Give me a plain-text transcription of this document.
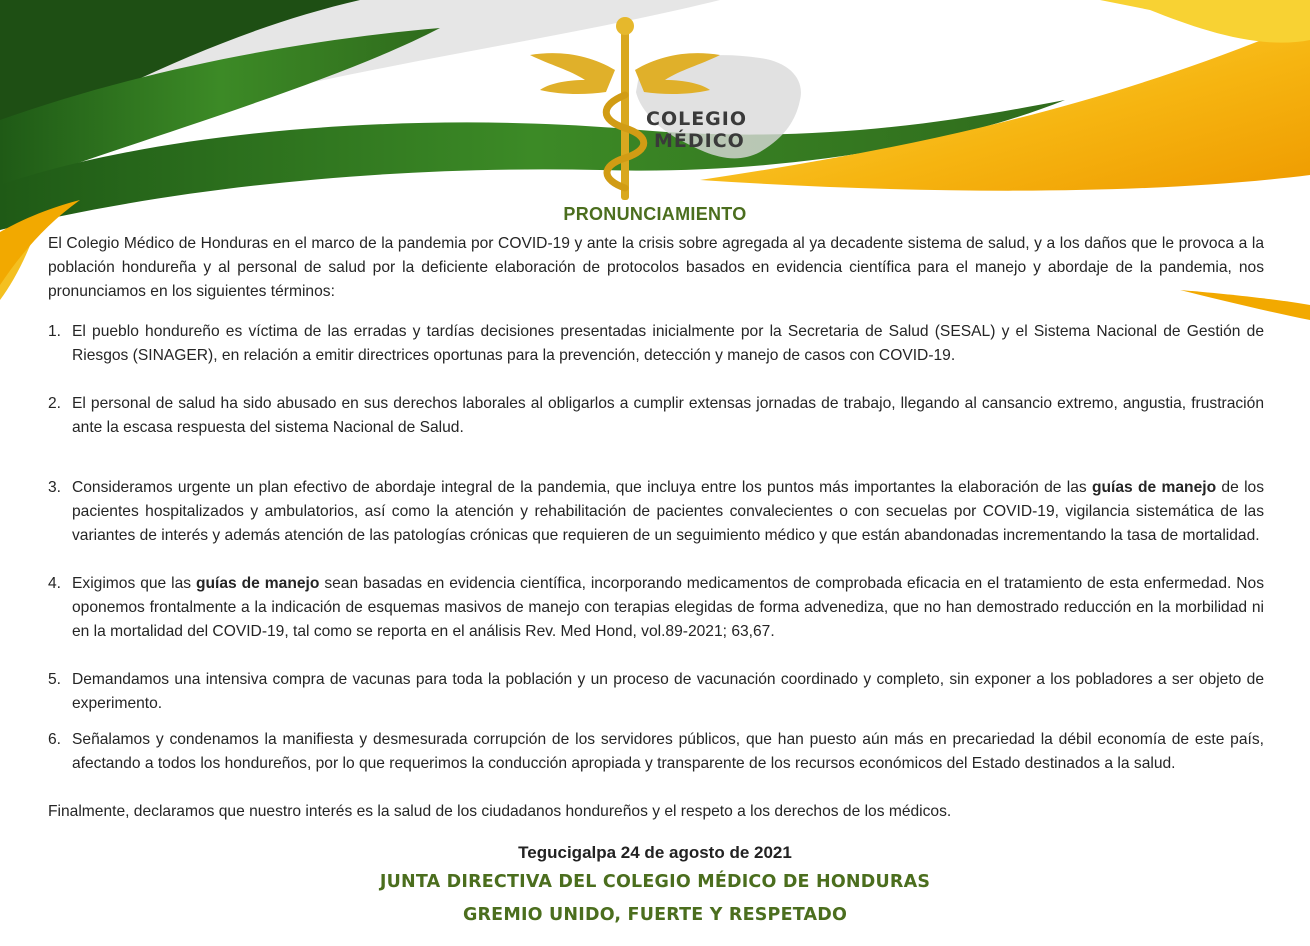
COLEGIO
MÉDICO
PRONUNCIAMIENTO
El Colegio Médico de Honduras en el marco de la pandemia por COVID-19 y ante la crisis sobre agregada al ya decadente sistema de salud, y a los daños que le provoca a la población hondureña y al personal de salud por la deficiente elaboración de protocolos basados en evidencia científica para el manejo y abordaje de la pandemia, nos pronunciamos en los siguientes términos:
1. El pueblo hondureño es víctima de las erradas y tardías decisiones presentadas inicialmente por la Secretaria de Salud (SESAL) y el Sistema Nacional de Gestión de Riesgos (SINAGER), en relación a emitir directrices oportunas para la prevención, detección y manejo de casos con COVID-19.
2. El personal de salud ha sido abusado en sus derechos laborales al obligarlos a cumplir extensas jornadas de trabajo, llegando al cansancio extremo, angustia, frustración ante la escasa respuesta del sistema Nacional de Salud.
3. Consideramos urgente un plan efectivo de abordaje integral de la pandemia, que incluya entre los puntos más importantes la elaboración de las guías de manejo de los pacientes hospitalizados y ambulatorios, así como la atención y rehabilitación de pacientes convalecientes o con secuelas por COVID-19, vigilancia sistemática de las variantes de interés y además atención de las patologías crónicas que requieren de un seguimiento médico y que están abandonadas incrementando la tasa de mortalidad.
4. Exigimos que las guías de manejo sean basadas en evidencia científica, incorporando medicamentos de comprobada eficacia en el tratamiento de esta enfermedad. Nos oponemos frontalmente a la indicación de esquemas masivos de manejo con terapias elegidas de forma advenediza, que no han demostrado reducción en la morbilidad ni en la mortalidad del COVID-19, tal como se reporta en el análisis Rev. Med Hond, vol.89-2021; 63,67.
5. Demandamos una intensiva compra de vacunas para toda la población y un proceso de vacunación coordinado y completo, sin exponer a los pobladores a ser objeto de experimento.
6. Señalamos y condenamos la manifiesta y desmesurada corrupción de los servidores públicos, que han puesto aún más en precariedad la débil economía de este país, afectando a todos los hondureños, por lo que requerimos la conducción apropiada y transparente de los recursos económicos del Estado destinados a la salud.
Finalmente, declaramos que nuestro interés es la salud de los ciudadanos hondureños y el respeto a los derechos de los médicos.
Tegucigalpa 24 de agosto de 2021
JUNTA DIRECTIVA DEL COLEGIO MÉDICO DE HONDURAS
GREMIO UNIDO, FUERTE Y RESPETADO
